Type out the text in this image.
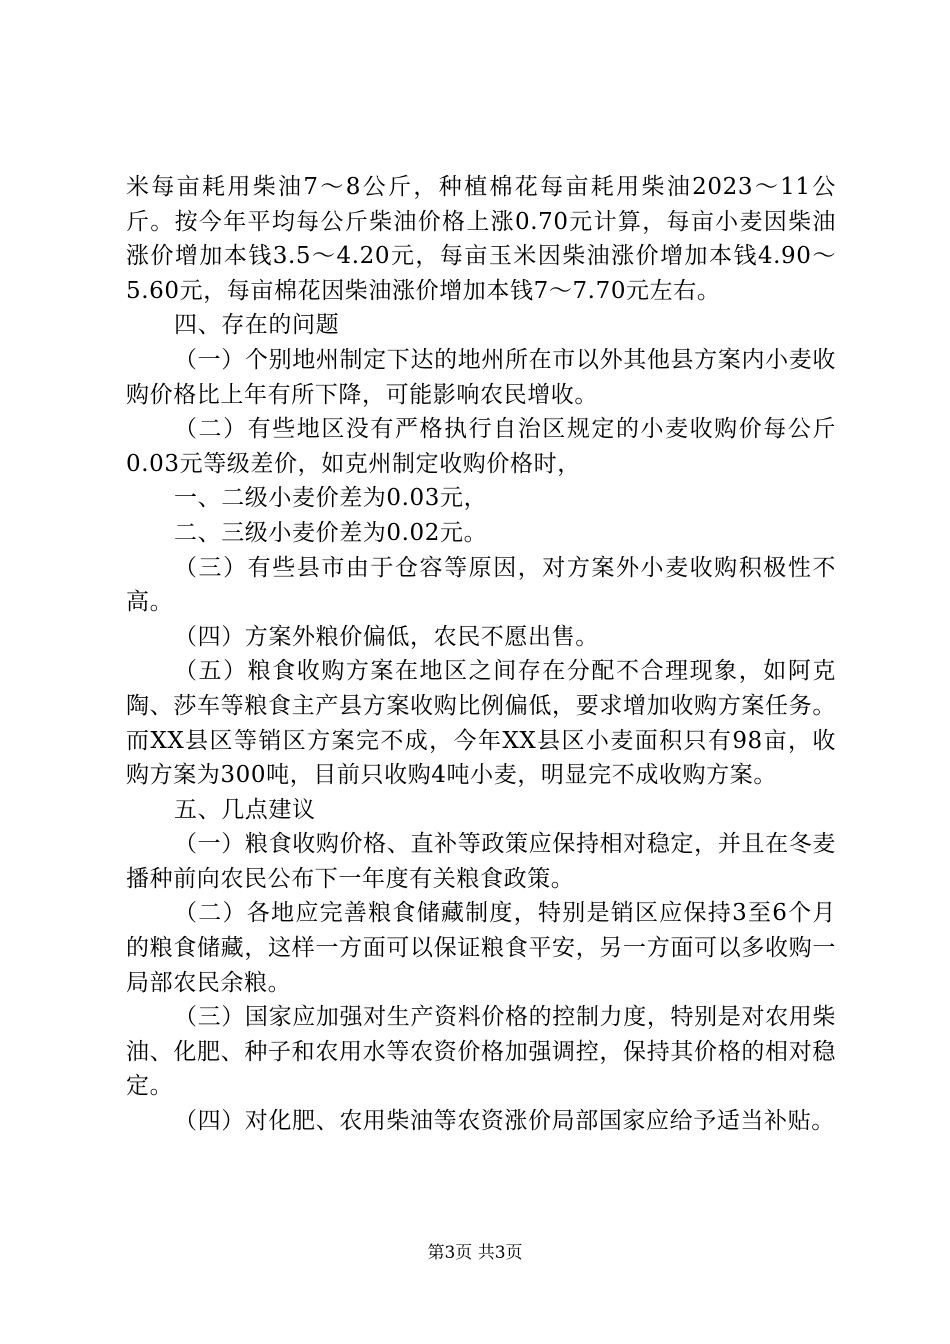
米每亩耗用柴油7～8公斤，种植棉花每亩耗用柴油2023～11公斤。按今年平均每公斤柴油价格上涨0.70元计算，每亩小麦因柴油涨价增加本钱3.5～4.20元，每亩玉米因柴油涨价增加本钱4.90～5.60元，每亩棉花因柴油涨价增加本钱7～7.70元左右。

四、存在的问题

（一）个别地州制定下达的地州所在市以外其他县方案内小麦收购价格比上年有所下降，可能影响农民增收。

（二）有些地区没有严格执行自治区规定的小麦收购价每公斤0.03元等级差价，如克州制定收购价格时，

一、二级小麦价差为0.03元，

二、三级小麦价差为0.02元。

（三）有些县市由于仓容等原因，对方案外小麦收购积极性不高。

（四）方案外粮价偏低，农民不愿出售。

（五）粮食收购方案在地区之间存在分配不合理现象，如阿克陶、莎车等粮食主产县方案收购比例偏低，要求增加收购方案任务。而XX县区等销区方案完不成，今年XX县区小麦面积只有98亩，收购方案为300吨，目前只收购4吨小麦，明显完不成收购方案。

五、几点建议

（一）粮食收购价格、直补等政策应保持相对稳定，并且在冬麦播种前向农民公布下一年度有关粮食政策。

（二）各地应完善粮食储藏制度，特别是销区应保持3至6个月的粮食储藏，这样一方面可以保证粮食平安，另一方面可以多收购一局部农民余粮。

（三）国家应加强对生产资料价格的控制力度，特别是对农用柴油、化肥、种子和农用水等农资价格加强调控，保持其价格的相对稳定。

（四）对化肥、农用柴油等农资涨价局部国家应给予适当补贴。

第3页 共3页
